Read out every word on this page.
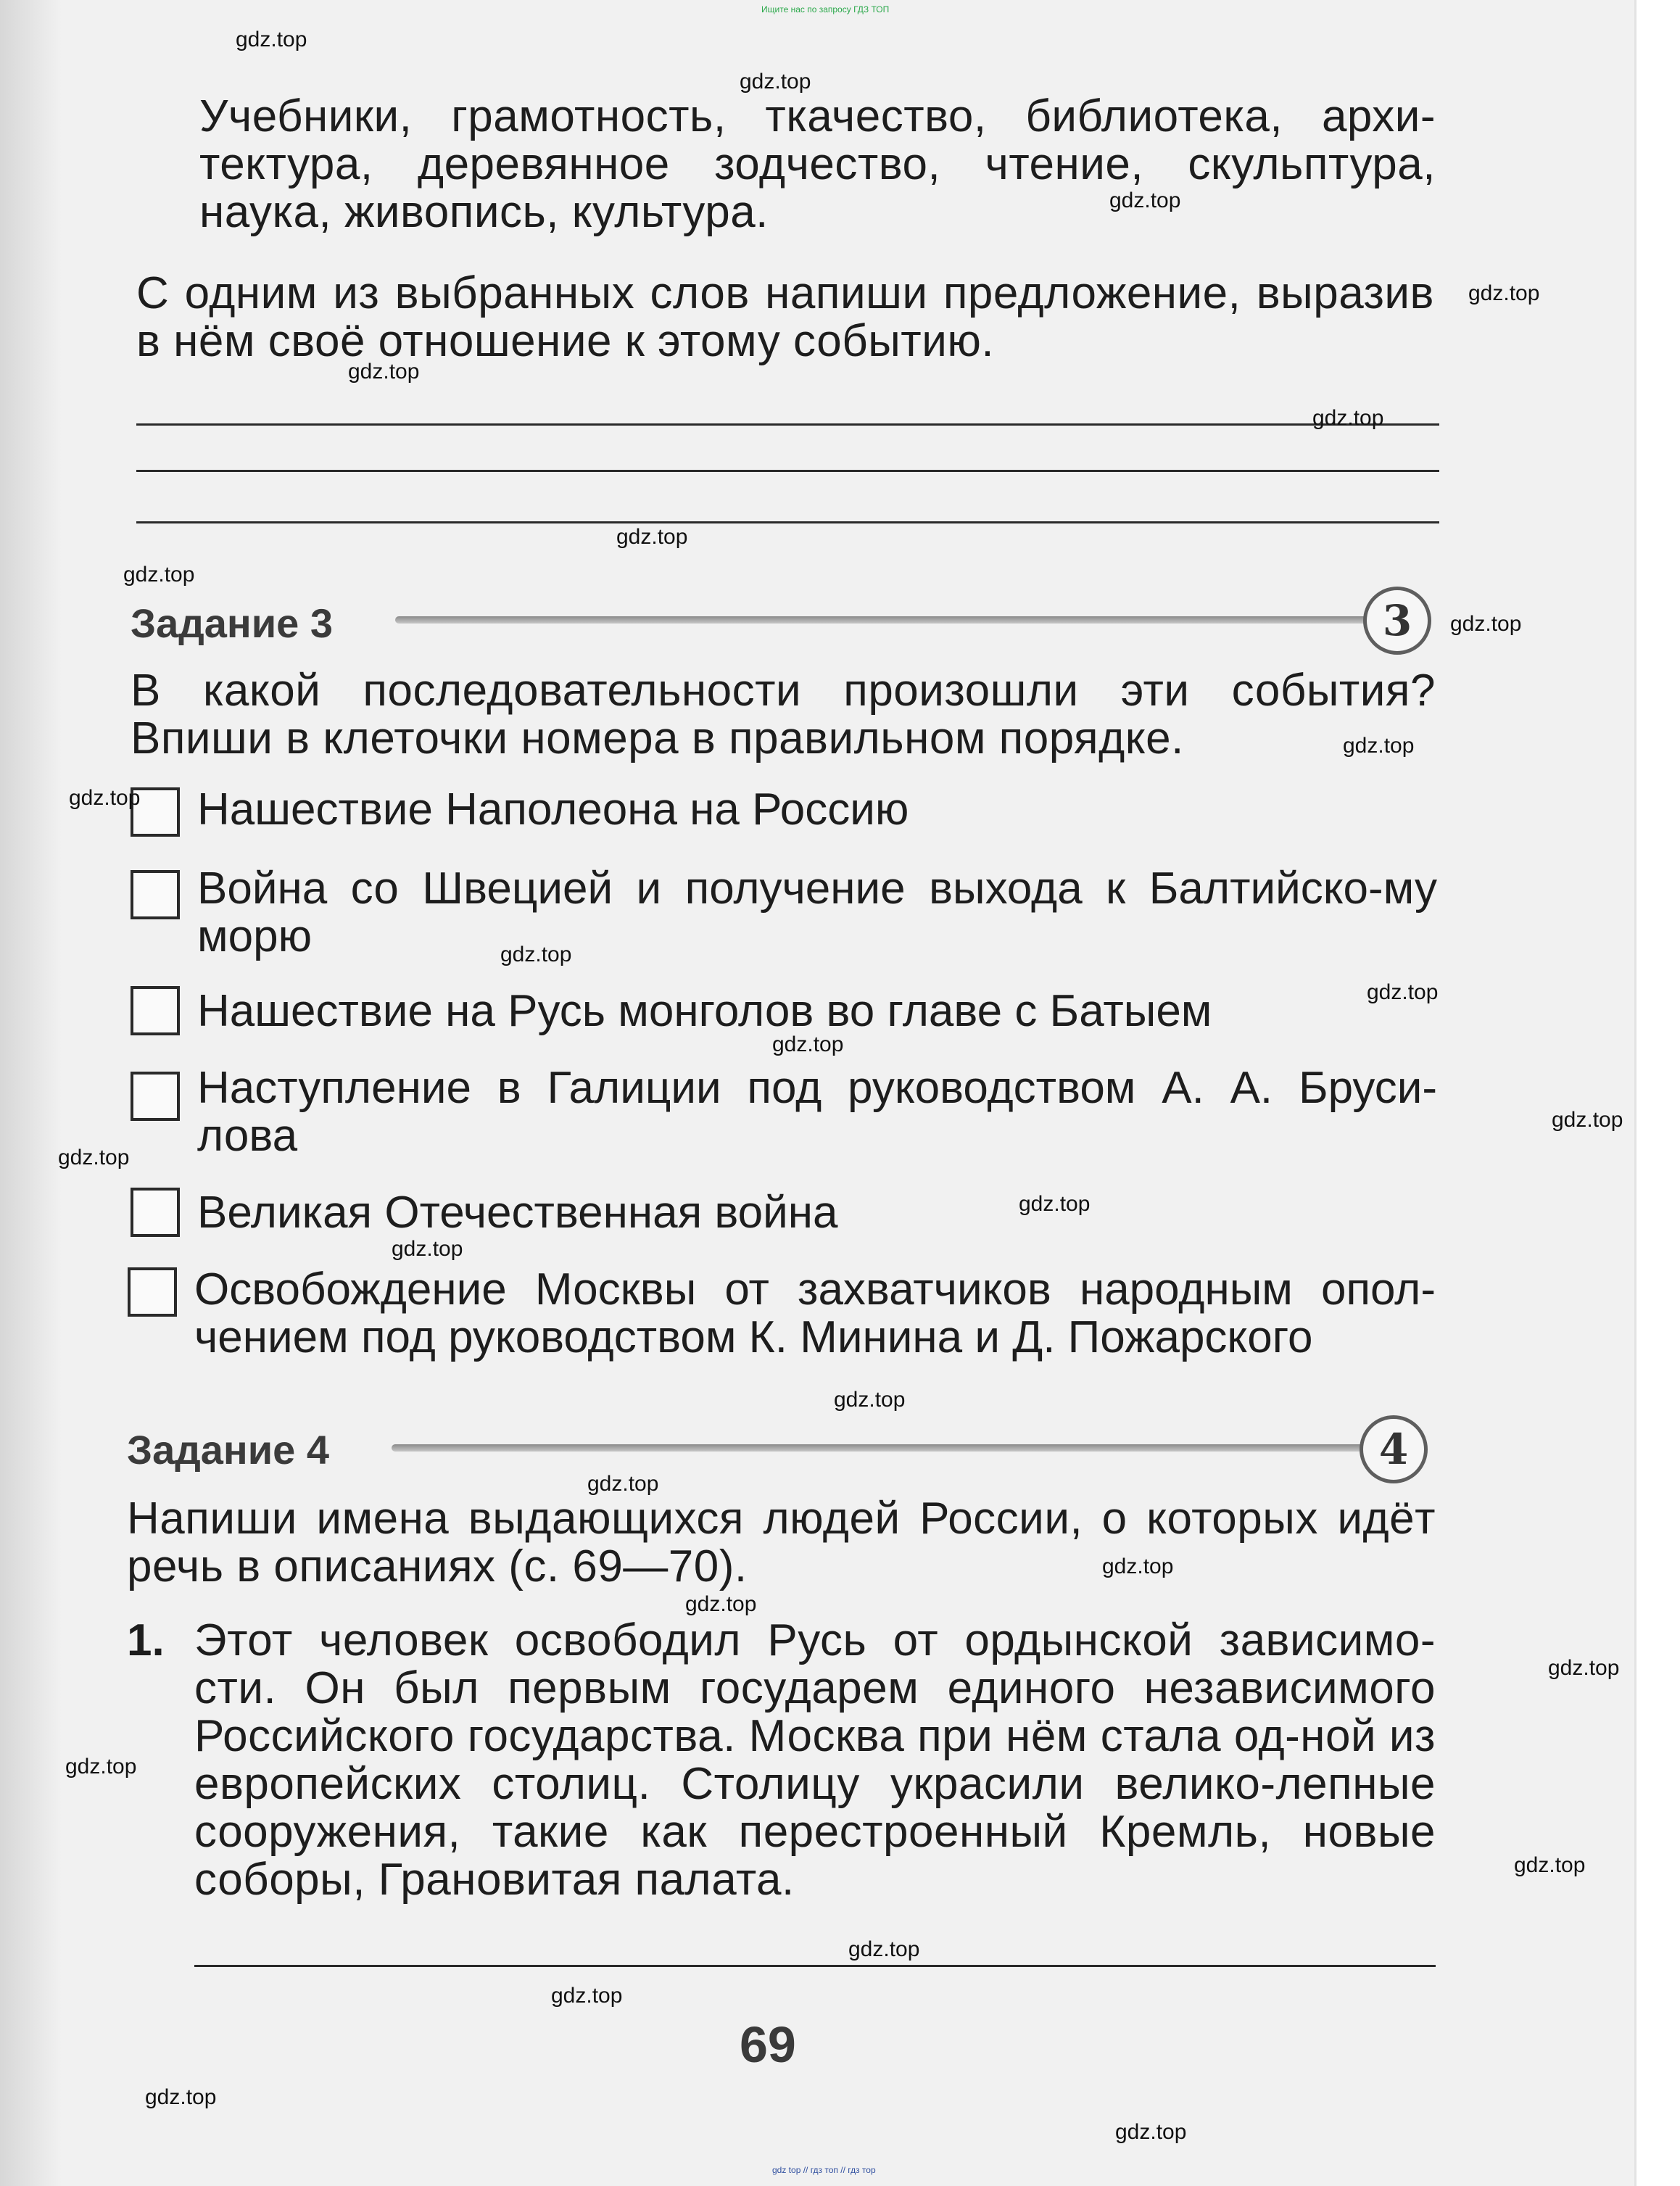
Ищите нас по запросу ГДЗ ТОП

Учебники, грамотность, ткачество, библиотека, архи-тектура, деревянное зодчество, чтение, скульптура, наука, живопись, культура.

С одним из выбранных слов напиши предложение, выразив в нём своё отношение к этому событию.

Задание 3	3

В какой последовательности произошли эти события? Впиши в клеточки номера в правильном порядке.

Нашествие Наполеона на Россию

Война со Швецией и получение выхода к Балтийско-му морю

Нашествие на Русь монголов во главе с Батыем

Наступление в Галиции под руководством А. А. Бруси-лова

Великая Отечественная война

Освобождение Москвы от захватчиков народным опол-чением под руководством К. Минина и Д. Пожарского

Задание 4	4

Напиши имена выдающихся людей России, о которых идёт речь в описаниях (с. 69—70).

1. Этот человек освободил Русь от ордынской зависимо-сти. Он был первым государем единого независимого Российского государства. Москва при нём стала од-ной из европейских столиц. Столицу украсили велико-лепные сооружения, такие как перестроенный Кремль, новые соборы, Грановитая палата.

69
gdz.top
gdz.top
gdz.top
gdz.top
gdz.top
gdz.top
gdz.top
gdz.top
gdz.top
gdz.top
gdz.top
gdz.top
gdz.top
gdz.top
gdz.top
gdz.top
gdz.top
gdz.top
gdz.top
gdz.top
gdz.top
gdz.top
gdz.top
gdz.top
gdz.top
gdz.top
gdz.top
gdz.top
gdz.top
gdz top // гдз топ // гдз тор
